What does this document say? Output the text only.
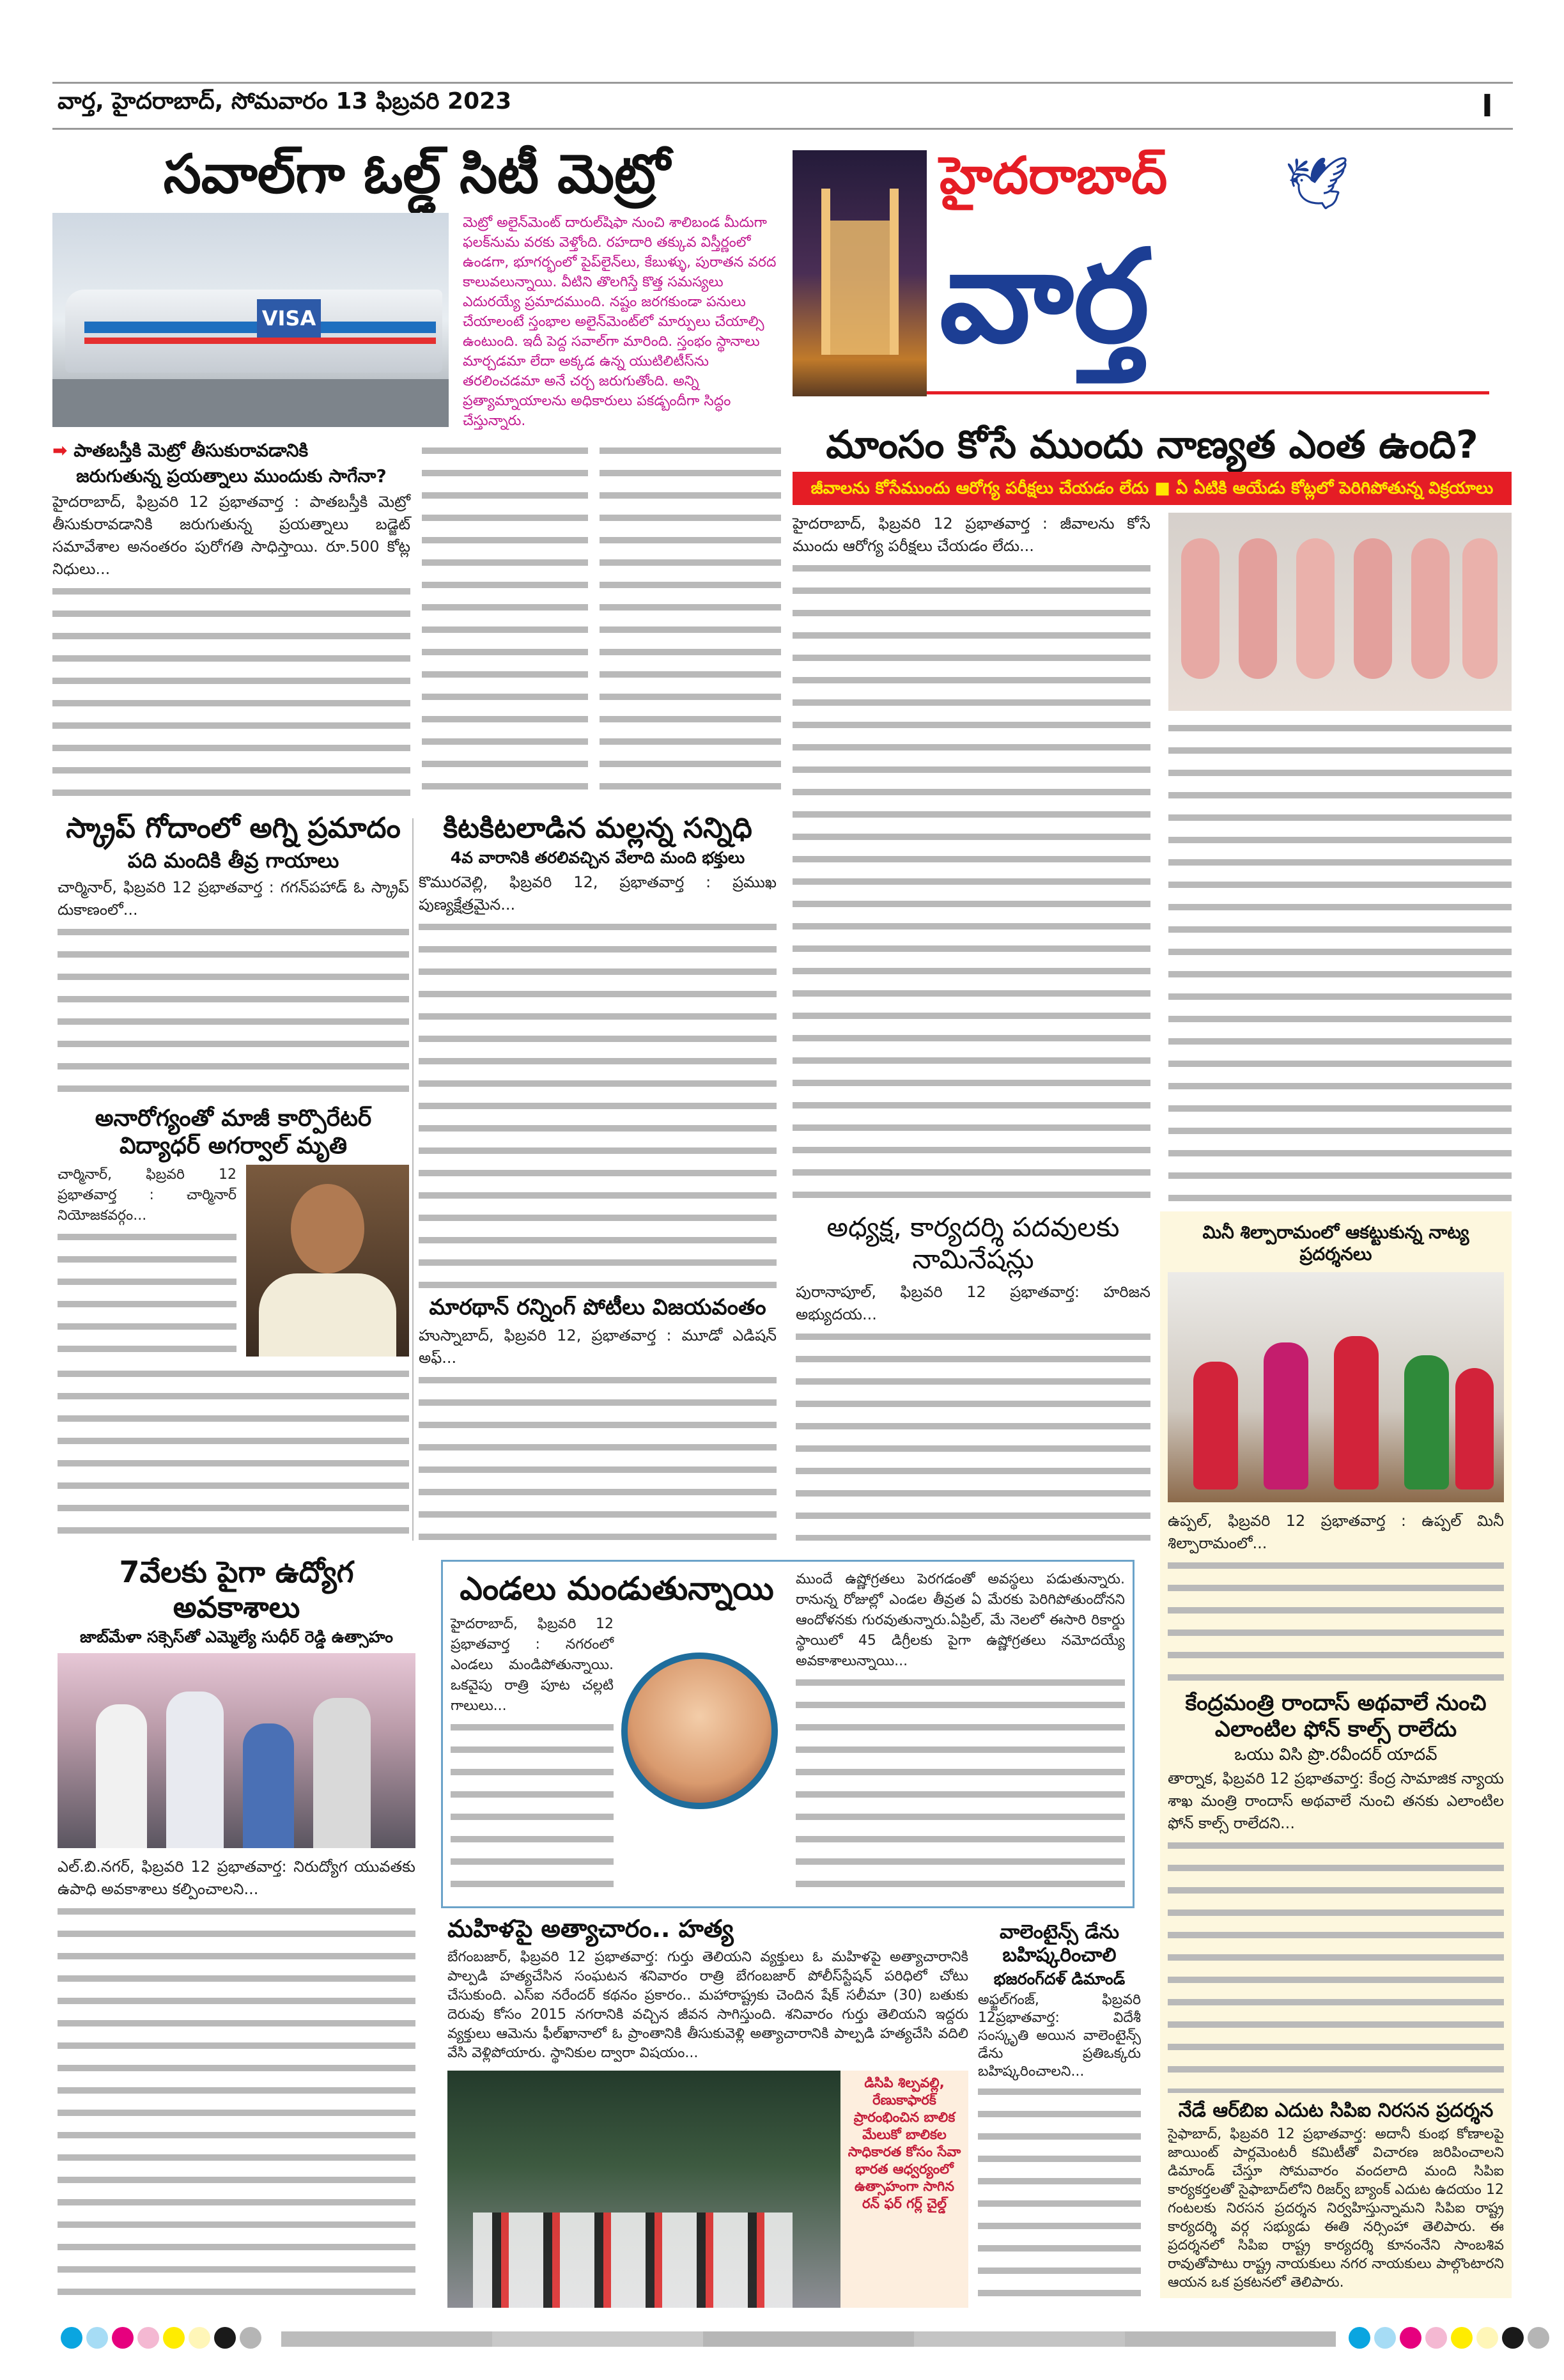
వార్త, హైదరాబాద్, సోమవారం 13 ఫిబ్రవరి 2023	I
సవాల్‌గా ఓల్డ్ సిటీ మెట్రో
VISA
మెట్రో అలైన్‌మెంట్ దారుల్‌షిఫా నుంచి శాలిబండ మీదుగా ఫలక్‌నుమ వరకు వెళ్తోంది. రహదారి తక్కువ విస్తీర్ణంలో ఉండగా, భూగర్భంలో పైప్‌లైన్‌లు, కేబుళ్ళు, పురాతన వరద కాలువలున్నాయి. వీటిని తొలగిస్తే కొత్త సమస్యలు ఎదురయ్యే ప్రమాదముంది. నష్టం జరగకుండా పనులు చేయాలంటే స్తంభాల అలైన్‌మెంట్‌లో మార్పులు చేయాల్సి ఉంటుంది. ఇదీ పెద్ద సవాల్‌గా మారింది. స్తంభం స్థానాలు మార్చడమా లేదా అక్కడ ఉన్న యుటిలిటీస్‌ను తరలించడమా అనే చర్చ జరుగుతోంది. అన్ని ప్రత్యామ్నాయాలను అధికారులు పకడ్బందీగా సిద్ధం చేస్తున్నారు.
➡ పాతబస్తీకి మెట్రో తీసుకురావడానికి
జరుగుతున్న ప్రయత్నాలు ముందుకు సాగేనా?
హైదరాబాద్, ఫిబ్రవరి 12 ప్రభాతవార్త : పాతబస్తీకి మెట్రో తీసుకురావడానికి జరుగుతున్న ప్రయత్నాలు బడ్జెట్ సమావేశాల అనంతరం పురోగతి సాధిస్తాయి. రూ.500 కోట్ల నిధులు...
హైదరాబాద్ 🕊
వార్త
మాంసం కోసే ముందు నాణ్యత ఎంత ఉంది?
జీవాలను కోసేముందు ఆరోగ్య పరీక్షలు చేయడం లేదు ■ ఏ ఏటికి ఆయేడు కోట్లలో పెరిగిపోతున్న విక్రయాలు
హైదరాబాద్, ఫిబ్రవరి 12 ప్రభాతవార్త : జీవాలను కోసే ముందు ఆరోగ్య పరీక్షలు చేయడం లేదు...
స్క్రాప్ గోదాంలో అగ్ని ప్రమాదం
పది మందికి తీవ్ర గాయాలు
చార్మినార్, ఫిబ్రవరి 12 ప్రభాతవార్త : గగన్‌పహాడ్ ఓ స్క్రాప్ దుకాణంలో...
కిటకిటలాడిన మల్లన్న సన్నిధి
4వ వారానికి తరలివచ్చిన వేలాది మంది భక్తులు
కొమురవెల్లి, ఫిబ్రవరి 12, ప్రభాతవార్త : ప్రముఖ పుణ్యక్షేత్రమైన...
అనారోగ్యంతో మాజీ కార్పొరేటర్ విద్యాధర్ అగర్వాల్ మృతి
చార్మినార్, ఫిబ్రవరి 12 ప్రభాతవార్త : చార్మినార్ నియోజకవర్గం...
మారథాన్ రన్నింగ్ పోటీలు విజయవంతం
హుస్నాబాద్, ఫిబ్రవరి 12, ప్రభాతవార్త : మూడో ఎడిషన్ అఫ్...
అధ్యక్ష, కార్యదర్శి పదవులకు నామినేషన్లు
పురానాపూల్, ఫిబ్రవరి 12 ప్రభాతవార్త: హరిజన అభ్యుదయ...
మినీ శిల్పారామంలో ఆకట్టుకున్న నాట్య ప్రదర్శనలు
ఉప్పల్, ఫిబ్రవరి 12 ప్రభాతవార్త : ఉప్పల్ మినీ శిల్పారామంలో...
కేంద్రమంత్రి రాందాస్ అథవాలే నుంచి ఎలాంటిల ఫోన్ కాల్స్ రాలేదు
ఒయు విసి ప్రొ.రవీందర్ యాదవ్
తార్నాక, ఫిబ్రవరి 12 ప్రభాతవార్త: కేంద్ర సామాజిక న్యాయ శాఖ మంత్రి రాందాస్ అథవాలే నుంచి తనకు ఎలాంటిల ఫోన్ కాల్స్ రాలేదని...
నేడే ఆర్‌బిఐ ఎదుట సిపిఐ నిరసన ప్రదర్శన
సైఫాబాద్, ఫిబ్రవరి 12 ప్రభాతవార్త: అదానీ కుంభ కోణాలపై జాయింట్ పార్లమెంటరీ కమిటీతో విచారణ జరిపించాలని డిమాండ్ చేస్తూ సోమవారం వందలాది మంది సిపిఐ కార్యకర్తలతో సైఫాబాద్‌లోని రిజర్వ్ బ్యాంక్ ఎదుట ఉదయం 12 గంటలకు నిరసన ప్రదర్శన నిర్వహిస్తున్నామని సిపిఐ రాష్ట్ర కార్యదర్శి వర్గ సభ్యుడు ఈతి నర్సింహా తెలిపారు. ఈ ప్రదర్శనలో సిపిఐ రాష్ట్ర కార్యదర్శి కూనంనేని సాంబశివ రావుతోపాటు రాష్ట్ర నాయకులు నగర నాయకులు పాల్గొంటారని ఆయన ఒక ప్రకటనలో తెలిపారు.
7వేలకు పైగా ఉద్యోగ అవకాశాలు
జాబ్‌మేళా సక్సెస్‌తో ఎమ్మెల్యే సుధీర్ రెడ్డి ఉత్సాహం
ఎల్.బి.నగర్, ఫిబ్రవరి 12 ప్రభాతవార్త: నిరుద్యోగ యువతకు ఉపాధి అవకాశాలు కల్పించాలని...
ఎండలు మండుతున్నాయి
హైదరాబాద్, ఫిబ్రవరి 12 ప్రభాతవార్త : నగరంలో ఎండలు మండిపోతున్నాయి. ఒకవైపు రాత్రి పూట చల్లటి గాలులు...
ముందే ఉష్ణోగ్రతలు పెరగడంతో అవస్థలు పడుతున్నారు. రానున్న రోజుల్లో ఎండల తీవ్రత ఏ మేరకు పెరిగిపోతుందోనని ఆందోళనకు గురవుతున్నారు.ఏప్రిల్, మే నెలలో ఈసారి రికార్డు స్థాయిలో 45 డిగ్రీలకు పైగా ఉష్ణోగ్రతలు నమోదయ్యే అవకాశాలున్నాయి...
మహిళపై అత్యాచారం.. హత్య
బేగంబజార్, ఫిబ్రవరి 12 ప్రభాతవార్త: గుర్తు తెలియని వ్యక్తులు ఓ మహిళపై అత్యాచారానికి పాల్పడి హత్యచేసిన సంఘటన శనివారం రాత్రి బేగంబజార్ పోలీస్‌స్టేషన్ పరిధిలో చోటు చేసుకుంది. ఎస్‌ఐ నరేందర్ కథనం ప్రకారం.. మహారాష్ట్రకు చెందిన షేక్ సలీమా (30) బతుకు దెరువు కోసం 2015 నగరానికి వచ్చిన జీవన సాగిస్తుంది. శనివారం గుర్తు తెలియని ఇద్దరు వ్యక్తులు ఆమెను ఫీల్‌ఖానాలో ఓ ప్రాంతానికి తీసుకువెళ్లి అత్యాచారానికి పాల్పడి హత్యచేసి వదిలి వేసి వెళ్లిపోయారు. స్థానికుల ద్వారా విషయం...
డిసిపి శిల్పవల్లి, రేణుకాఫారక్ ప్రారంభించిన బాలిక మేలుకో బాలికల సాధికారత కోసం సేవా భారత ఆధ్వర్యంలో ఉత్సాహంగా సాగిన రన్ ఫర్ గర్ల్ చైల్డ్
వాలెంటైన్స్ డేను బహిష్కరించాలి
భజరంగ్‌దళ్ డిమాండ్
అఫ్జల్‌గంజ్, ఫిబ్రవరి 12ప్రభాతవార్త: విదేశీ సంస్కృతి అయిన వాలెంటైన్స్ డేను ప్రతిఒక్కరు బహిష్కరించాలని...
